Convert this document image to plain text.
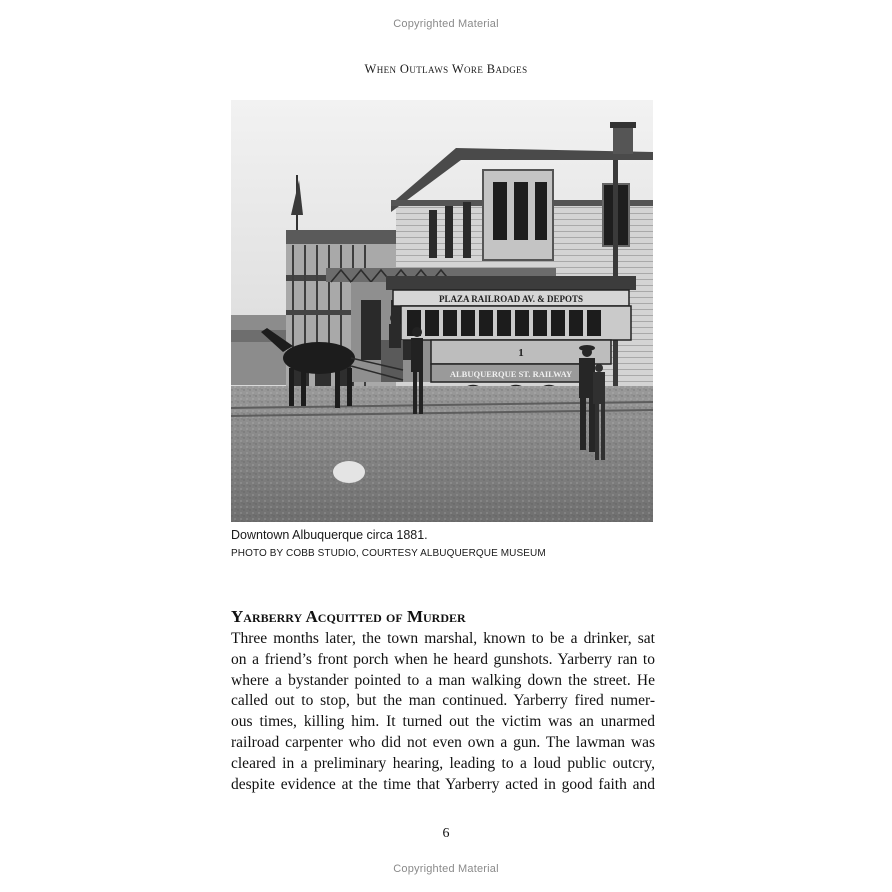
Copyrighted Material
When Outlaws Wore Badges
PLAZA RAILROAD AV. & DEPOTS
1
ALBUQUERQUE ST. RAILWAY
Downtown Albuquerque circa 1881.
PHOTO BY COBB STUDIO, COURTESY ALBUQUERQUE MUSEUM
Yarberry Acquitted of Murder
Three months later, the town marshal, known to be a drinker, sat
on a friend’s front porch when he heard gunshots. Yarberry ran to
where a bystander pointed to a man walking down the street. He
called out to stop, but the man continued. Yarberry fired numer-
ous times, killing him. It turned out the victim was an unarmed
railroad carpenter who did not even own a gun. The lawman was
cleared in a preliminary hearing, leading to a loud public outcry,
despite evidence at the time that Yarberry acted in good faith and
6
Copyrighted Material
